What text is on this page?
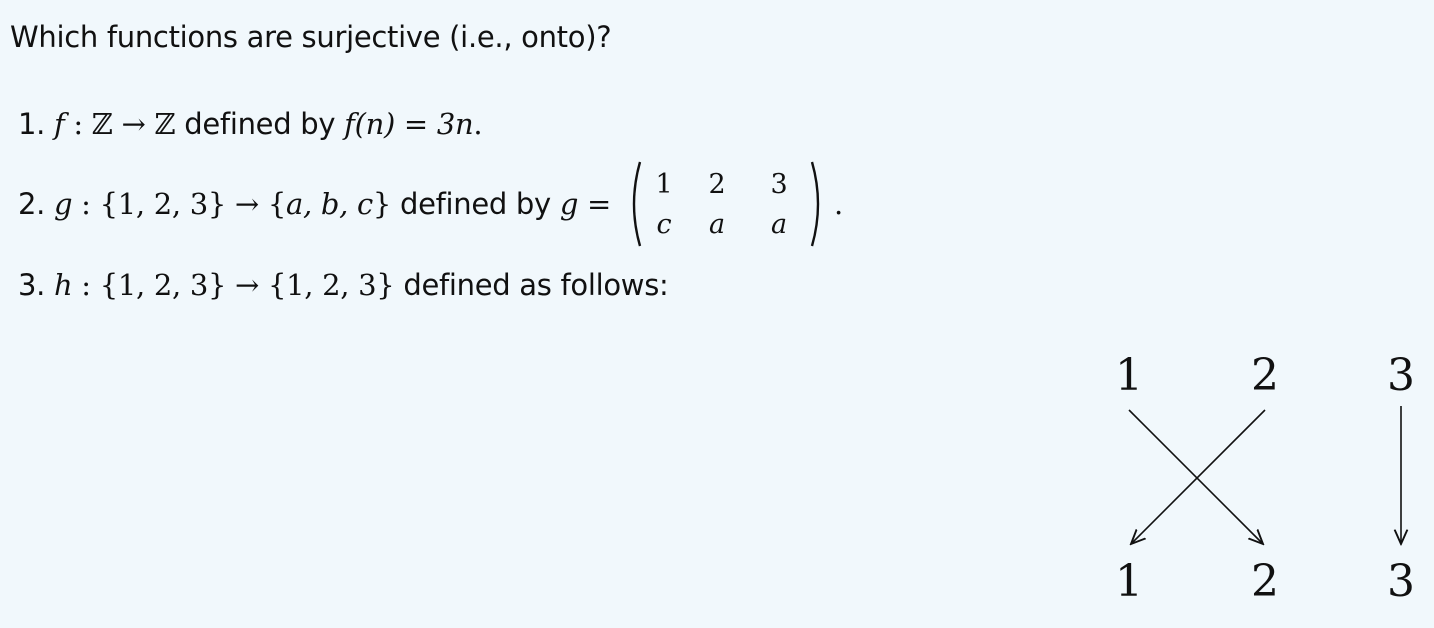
Which functions are surjective (i.e., onto)?
1.
f : ℤ → ℤ defined by f (n) = 3n .
2.
g : {1, 2, 3} → { a, b, c } defined by g =
1	2	3
c	a	a
.
3.
h : {1, 2, 3} → {1, 2, 3} defined as follows:
1 2 3
1 2 3
